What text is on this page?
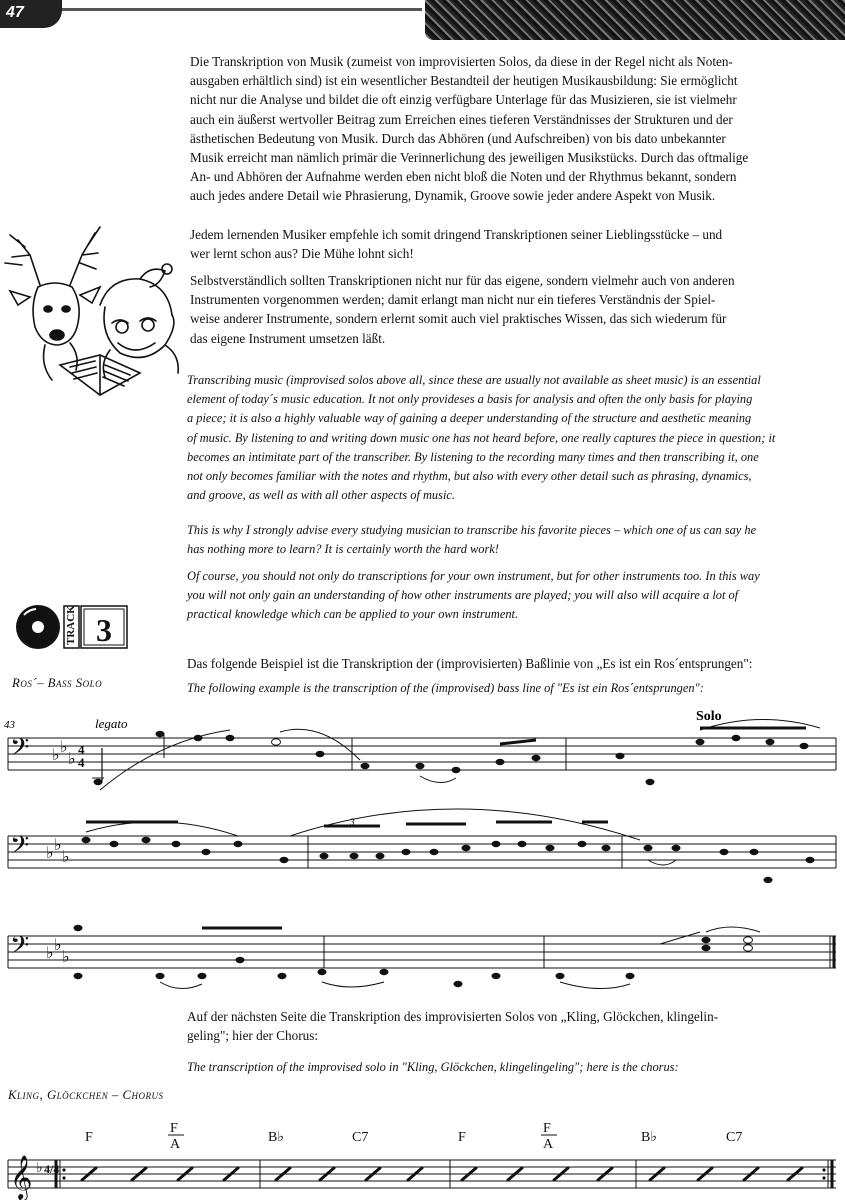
47
Die Transkription von Musik (zumeist von improvisierten Solos, da diese in der Regel nicht als Noten-
ausgaben erhältlich sind) ist ein wesentlicher Bestandteil der heutigen Musikausbildung: Sie ermöglicht
nicht nur die Analyse und bildet die oft einzig verfügbare Unterlage für das Musizieren, sie ist vielmehr
auch ein äußerst wertvoller Beitrag zum Erreichen eines tieferen Verständnisses der Strukturen und der
ästhetischen Bedeutung von Musik. Durch das Abhören (und Aufschreiben) von bis dato unbekannter
Musik erreicht man nämlich primär die Verinnerlichung des jeweiligen Musikstücks. Durch das oftmalige
An- und Abhören der Aufnahme werden eben nicht bloß die Noten und der Rhythmus bekannt, sondern
auch jedes andere Detail wie Phrasierung, Dynamik, Groove sowie jeder andere Aspekt von Musik.
Jedem lernenden Musiker empfehle ich somit dringend Transkriptionen seiner Lieblingsstücke – und
wer lernt schon aus? Die Mühe lohnt sich!
Selbstverständlich sollten Transkriptionen nicht nur für das eigene, sondern vielmehr auch von anderen
Instrumenten vorgenommen werden; damit erlangt man nicht nur ein tieferes Verständnis der Spiel-
weise anderer Instrumente, sondern erlernt somit auch viel praktisches Wissen, das sich wiederum für
das eigene Instrument umsetzen läßt.
Transcribing music (improvised solos above all, since these are usually not available as sheet music) is an essential
element of today´s music education. It not only provideses a basis for analysis and often the only basis for playing
a piece; it is also a highly valuable way of gaining a deeper understanding of the structure and aesthetic meaning
of music. By listening to and writing down music one has not heard before, one really captures the piece in question; it
becomes an intimitate part of the transcriber. By listening to the recording many times and then transcribing it, one
not only becomes familiar with the notes and rhythm, but also with every other detail such as phrasing, dynamics,
and groove, as well as with all other aspects of music.
This is why I strongly advise every studying musician to transcribe his favorite pieces – which one of us can say he
has nothing more to learn? It is certainly worth the hard work!
Of course, you should not only do transcriptions for your own instrument, but for other instruments too. In this way
you will not only gain an understanding of how other instruments are played; you will also will acquire a lot of
practical knowledge which can be applied to your own instrument.
TRACK 3
Ros´– Bass Solo
Das folgende Beispiel ist die Transkription der (improvisierten) Baßlinie von „Es ist ein Ros´entsprungen":
The following example is the transcription of the (improvised) bass line of "Es ist ein Ros´entsprungen":
43	legato	Solo
3
𝄢 ♭ ♭
♭
4
4
𝄢 ♭ ♭
♭
𝄢 ♭ ♭
♭
Auf der nächsten Seite die Transkription des improvisierten Solos von „Kling, Glöckchen, klingelin-
geling"; hier der Chorus:
The transcription of the improvised solo in "Kling, Glöckchen, klingelingeling"; here is the chorus:
Kling, Glöckchen – Chorus
F
F
A	B♭	C7	F
F
A	B♭	C7
𝄞 ♭ 4/4
